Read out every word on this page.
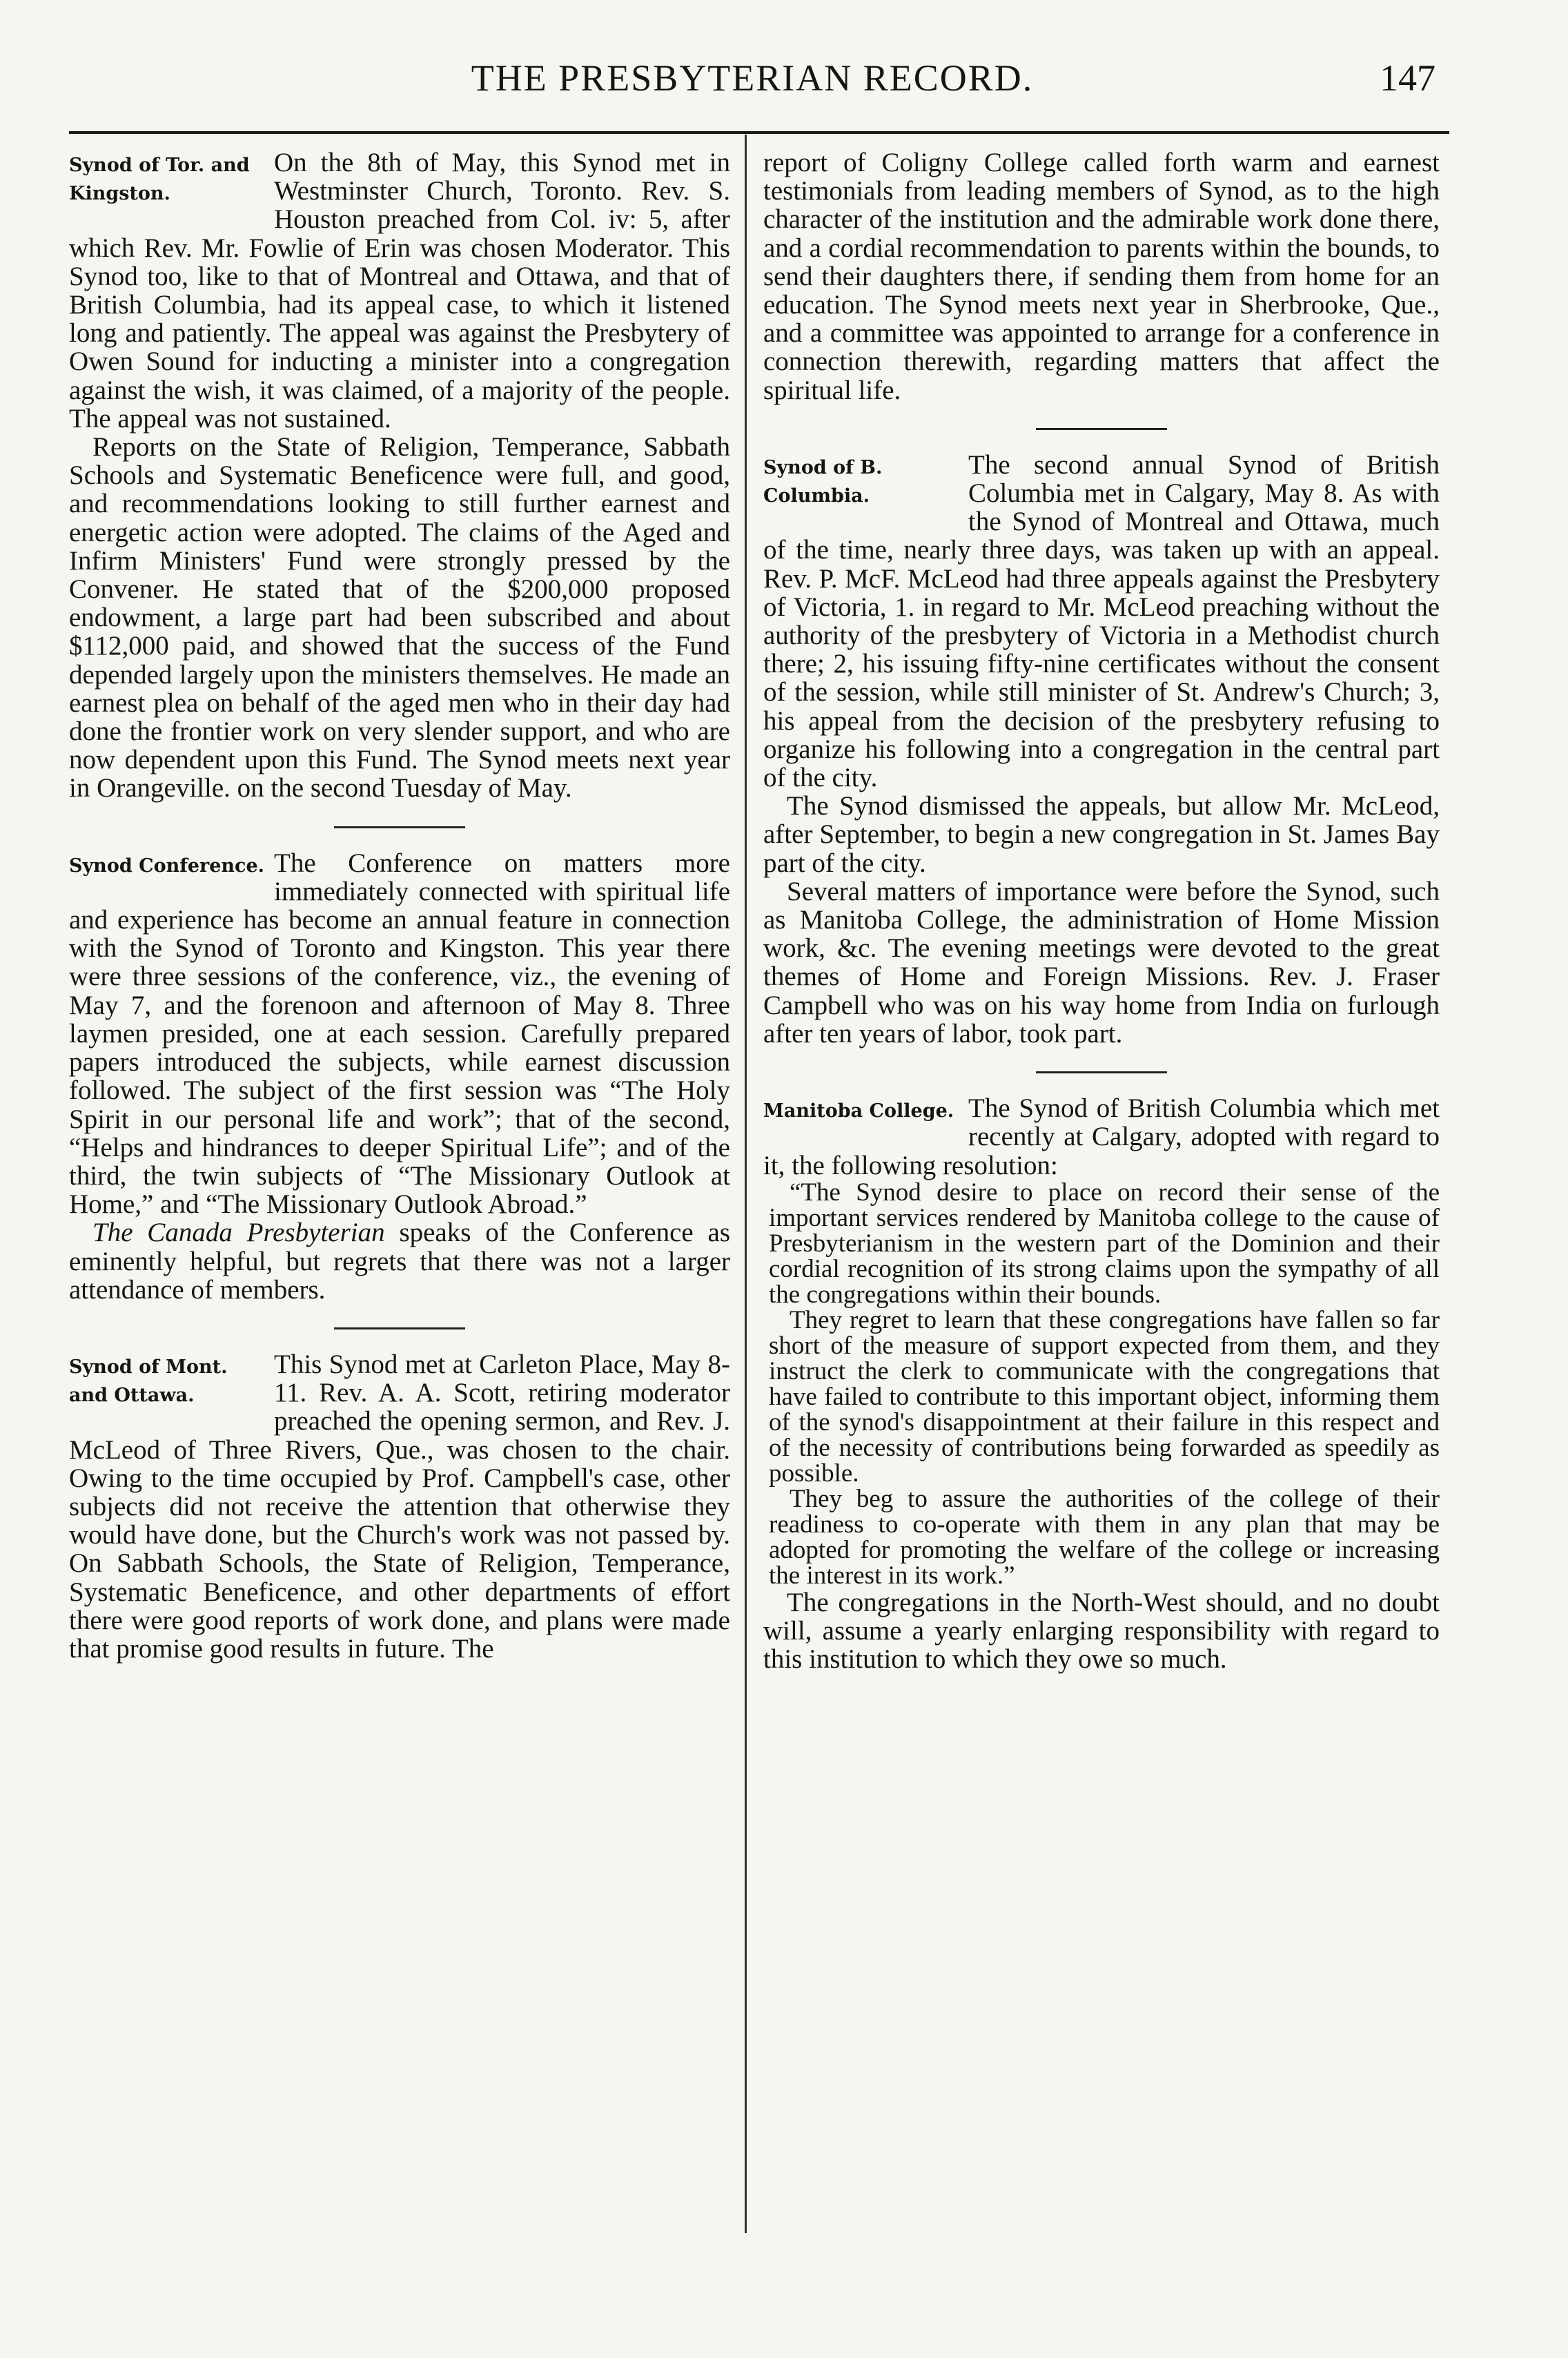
THE PRESBYTERIAN RECORD.	147
Synod of Tor. and Kingston.

On the 8th of May, this Synod met in Westminster Church, Toronto. Rev. S. Houston preached from Col. iv: 5, after which Rev. Mr. Fowlie of Erin was chosen Moderator. This Synod too, like to that of Montreal and Ottawa, and that of British Columbia, had its appeal case, to which it listened long and patiently. The appeal was against the Presbytery of Owen Sound for inducting a minister into a congregation against the wish, it was claimed, of a majority of the people. The appeal was not sustained.

Reports on the State of Religion, Temperance, Sabbath Schools and Systematic Beneficence were full, and good, and recommendations looking to still further earnest and energetic action were adopted. The claims of the Aged and Infirm Ministers' Fund were strongly pressed by the Convener. He stated that of the $200,000 proposed endowment, a large part had been subscribed and about $112,000 paid, and showed that the success of the Fund depended largely upon the ministers themselves. He made an earnest plea on behalf of the aged men who in their day had done the frontier work on very slender support, and who are now dependent upon this Fund. The Synod meets next year in Orangeville. on the second Tuesday of May.

Synod Conference. The Conference on matters more immediately connected with spiritual life and experience has become an annual feature in connection with the Synod of Toronto and Kingston. This year there were three sessions of the conference, viz., the evening of May 7, and the forenoon and afternoon of May 8. Three laymen presided, one at each session. Carefully prepared papers introduced the subjects, while earnest discussion followed. The subject of the first session was “The Holy Spirit in our personal life and work”; that of the second, “Helps and hindrances to deeper Spiritual Life”; and of the third, the twin subjects of “The Missionary Outlook at Home,” and “The Missionary Outlook Abroad.”

The Canada Presbyterian speaks of the Conference as eminently helpful, but regrets that there was not a larger attendance of members.

Synod of Mont. and Ottawa.

This Synod met at Carleton Place, May 8-11. Rev. A. A. Scott, retiring moderator preached the opening sermon, and Rev. J. McLeod of Three Rivers, Que., was chosen to the chair. Owing to the time occupied by Prof. Campbell's case, other subjects did not receive the attention that otherwise they would have done, but the Church's work was not passed by. On Sabbath Schools, the State of Religion, Temperance, Systematic Beneficence, and other departments of effort there were good reports of work done, and plans were made that promise good results in future. The

report of Coligny College called forth warm and earnest testimonials from leading members of Synod, as to the high character of the institution and the admirable work done there, and a cordial recommendation to parents within the bounds, to send their daughters there, if sending them from home for an education. The Synod meets next year in Sherbrooke, Que., and a committee was appointed to arrange for a conference in connection therewith, regarding matters that affect the spiritual life.

Synod of B. Columbia.

The second annual Synod of British Columbia met in Calgary, May 8. As with the Synod of Montreal and Ottawa, much of the time, nearly three days, was taken up with an appeal. Rev. P. McF. McLeod had three appeals against the Presbytery of Victoria, 1. in regard to Mr. McLeod preaching without the authority of the presbytery of Victoria in a Methodist church there; 2, his issuing fifty-nine certificates without the consent of the session, while still minister of St. Andrew's Church; 3, his appeal from the decision of the presbytery refusing to organize his following into a congregation in the central part of the city.

The Synod dismissed the appeals, but allow Mr. McLeod, after September, to begin a new congregation in St. James Bay part of the city.

Several matters of importance were before the Synod, such as Manitoba College, the administration of Home Mission work, &c. The evening meetings were devoted to the great themes of Home and Foreign Missions. Rev. J. Fraser Campbell who was on his way home from India on furlough after ten years of labor, took part.

Manitoba College. The Synod of British Columbia which met recently at Calgary, adopted with regard to it, the following resolution:

“The Synod desire to place on record their sense of the important services rendered by Manitoba college to the cause of Presbyterianism in the western part of the Dominion and their cordial recognition of its strong claims upon the sympathy of all the congregations within their bounds.

They regret to learn that these congregations have fallen so far short of the measure of support expected from them, and they instruct the clerk to communicate with the congregations that have failed to contribute to this important object, informing them of the synod's disappointment at their failure in this respect and of the necessity of contributions being forwarded as speedily as possible.

They beg to assure the authorities of the college of their readiness to co-operate with them in any plan that may be adopted for promoting the welfare of the college or increasing the interest in its work.”

The congregations in the North-West should, and no doubt will, assume a yearly enlarging responsibility with regard to this institution to which they owe so much.
